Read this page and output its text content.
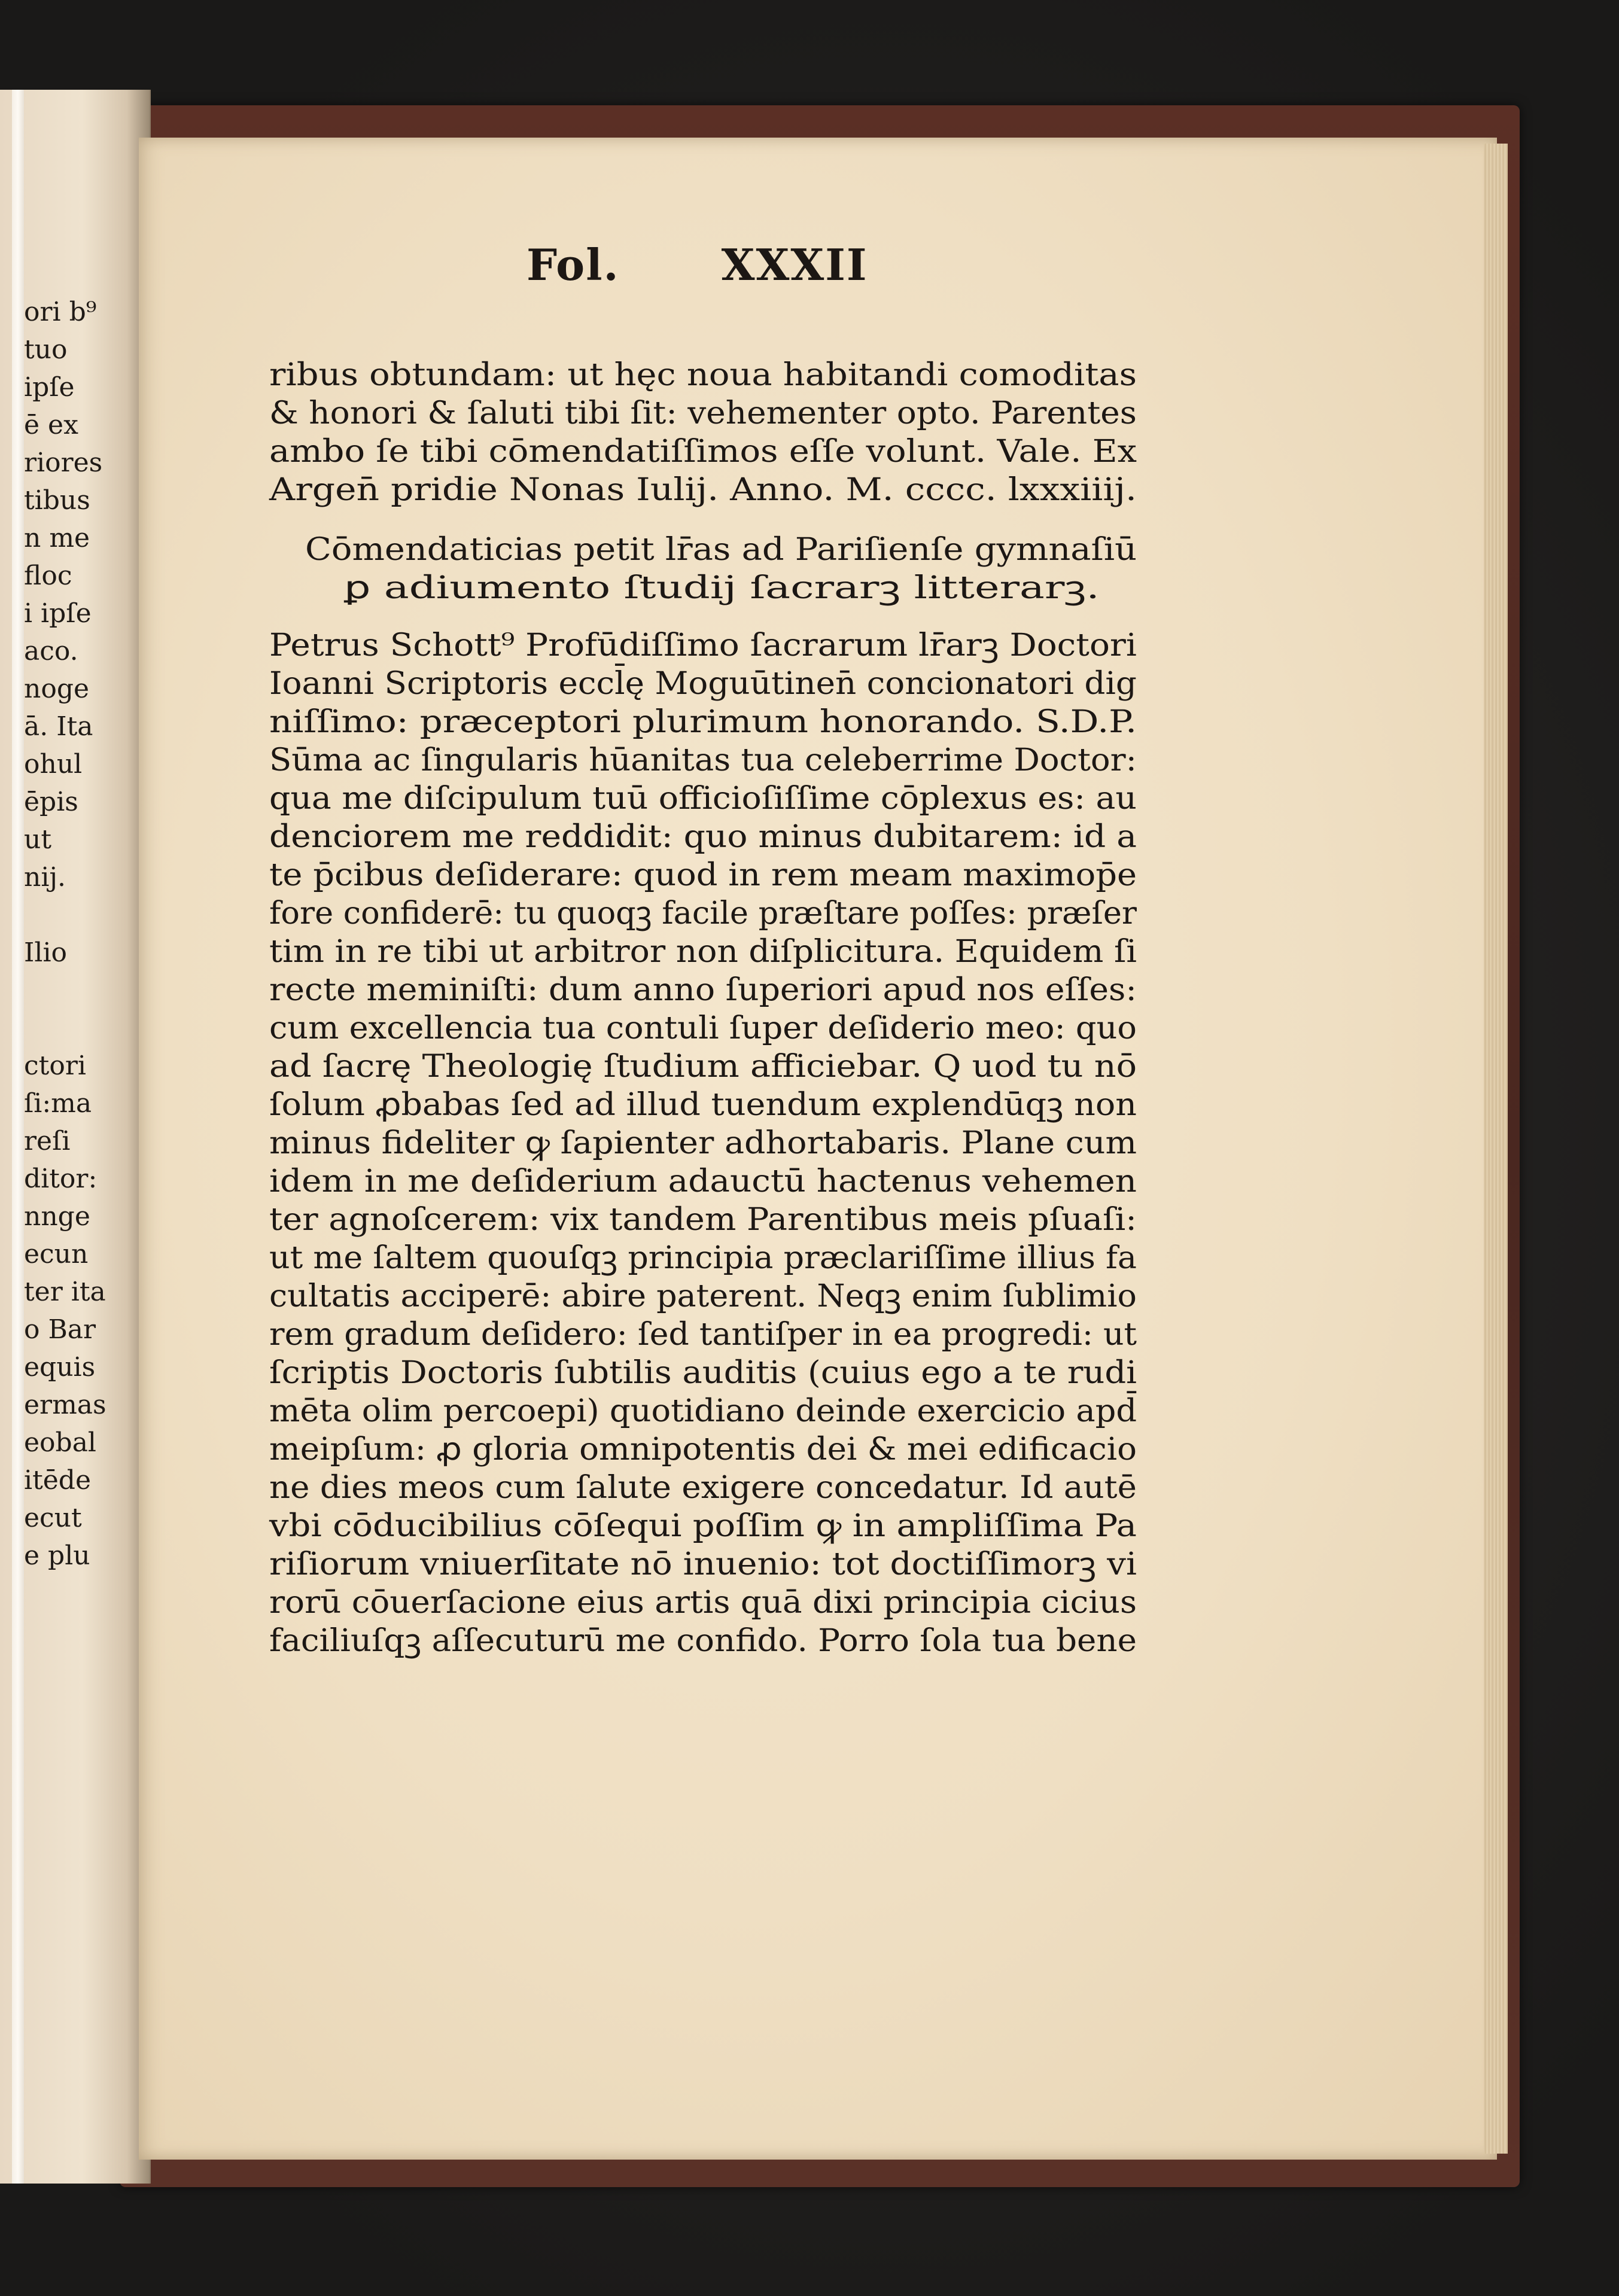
ori b⁹
tuo
ipſe
ē ex
riores
tibus
n me
floc
i ipſe
aco.
noge
ā. Ita
ohul
ēpis
ut
nij.
Ilio
ctori
ſi:ma
reſi
ditor:
nnge
ecun
ter ita
o Bar
equis
ermas
eobal
itēde
ecut
e plu
Fol. XXXII
ribus obtundam: ut hęc noua habitandi comoditas
& honori & ſaluti tibi ſit: vehementer opto. Parentes
ambo ſe tibi cōmendatiſſimos eſſe volunt. Vale. Ex
Argen̄ pridie Nonas Iulij. Anno. M. cccc. lxxxiiij.
Cōmendaticias petit lr̄as ad Pariſienſe gymnaſiū
ꝑ adiumento ſtudij ſacrarꝫ litterarꝫ.
Petrus Schott⁹ Profūdiſſimo ſacrarum lr̄arꝫ Doctori
Ioanni Scriptoris eccl̄ę Moguūtinen̄ concionatori dig
niſſimo: præceptori plurimum honorando. S.D.P.
Sūma ac ſingularis hūanitas tua celeberrime Doctor:
qua me diſcipulum tuū officioſiſſime cōplexus es: au
denciorem me reddidit: quo minus dubitarem: id a
te p̄cibus deſiderare: quod in rem meam maximop̄e
fore confiderē: tu quoqꝫ facile præſtare poſſes: præſer
tim in re tibi ut arbitror non diſplicitura. Equidem ſi
recte meminiſti: dum anno ſuperiori apud nos eſſes:
cum excellencia tua contuli ſuper deſiderio meo: quo
ad ſacrę Theologię ſtudium afficiebar. Q uod tu nō
ſolum ꝓbabas ſed ad illud tuendum explendūqꝫ non
minus fideliter ꝙ ſapienter adhortabaris. Plane cum
idem in me deſiderium adauctū hactenus vehemen
ter agnoſcerem: vix tandem Parentibus meis pſuaſi:
ut me ſaltem quouſqꝫ principia præclariſſime illius fa
cultatis acciperē: abire paterent. Neqꝫ enim ſublimio
rem gradum deſidero: ſed tantiſper in ea progredi: ut
ſcriptis Doctoris ſubtilis auditis (cuius ego a te rudi
mēta olim percoepi) quotidiano deinde exercicio apd̄
meipſum: ꝓ gloria omnipotentis dei & mei edificacio
ne dies meos cum ſalute exigere concedatur. Id autē
vbi cōducibilius cōſequi poſſim ꝙ in ampliſſima Pa
riſiorum vniuerſitate nō inuenio: tot doctiſſimorꝫ vi
rorū cōuerſacione eius artis quā dixi principia cicius
faciliuſqꝫ aſſecuturū me confido. Porro ſola tua bene
